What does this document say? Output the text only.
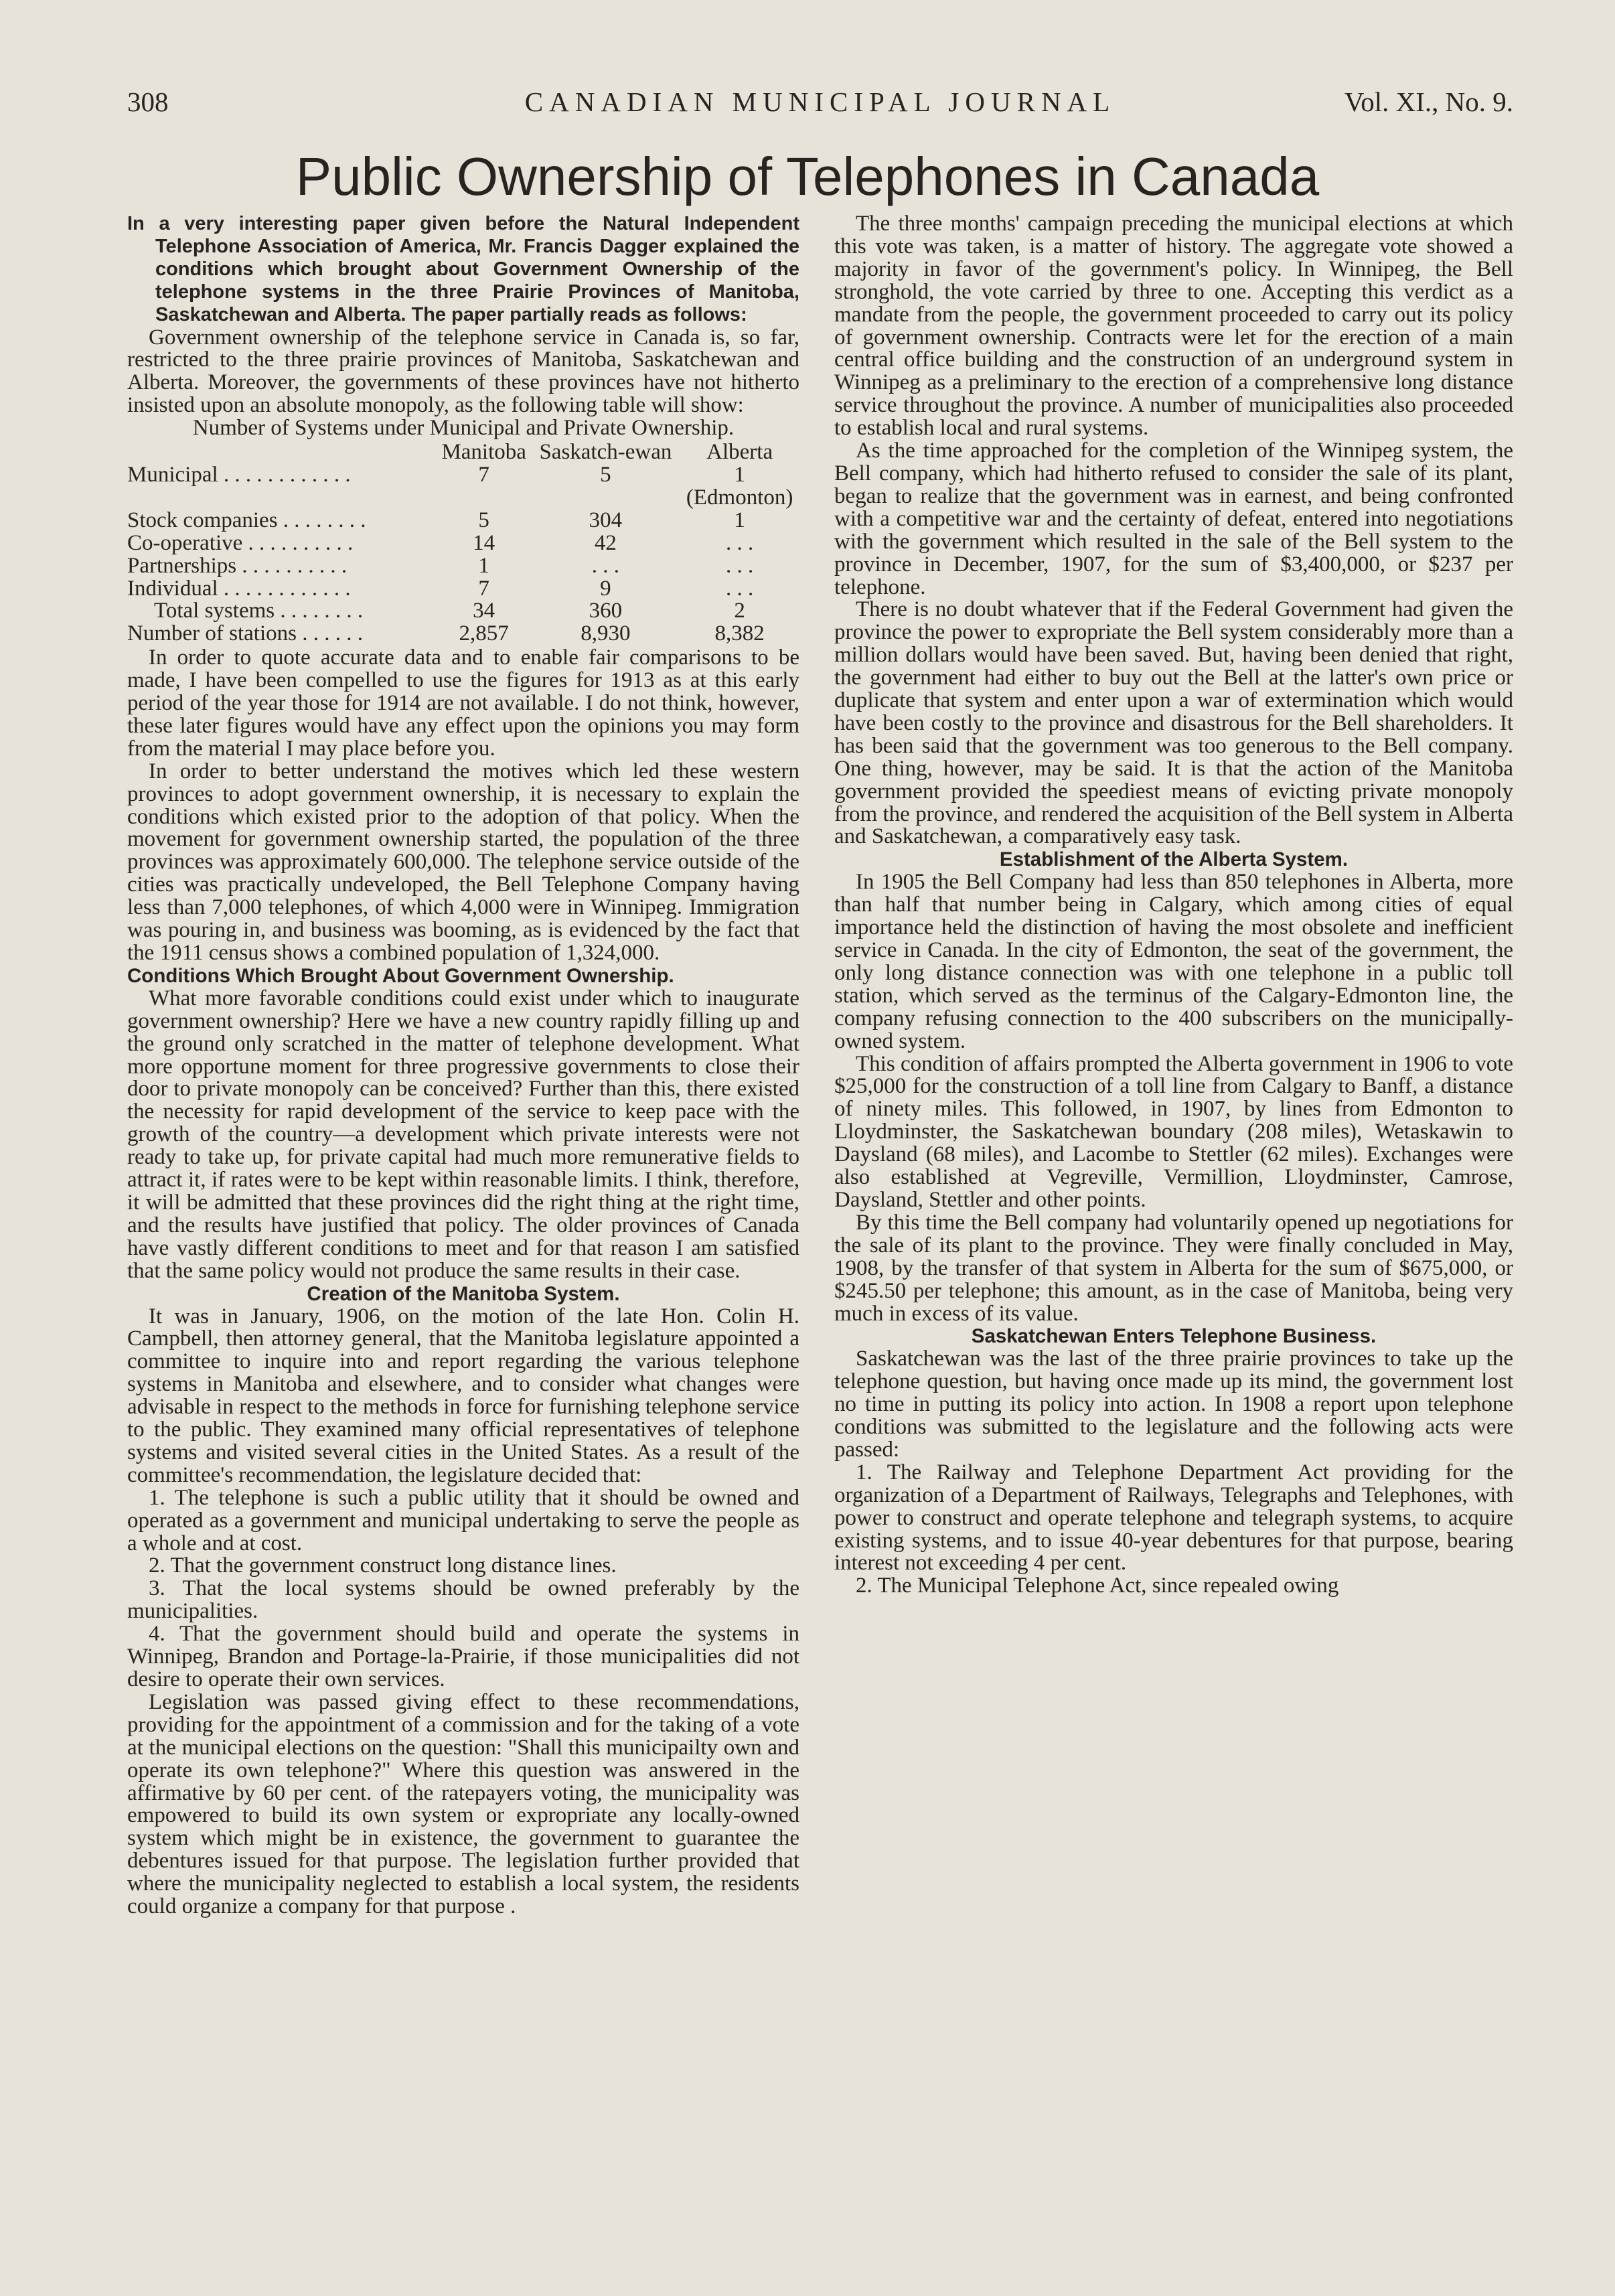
308	CANADIAN MUNICIPAL JOURNAL	Vol. XI., No. 9.
Public Ownership of Telephones in Canada

In a very interesting paper given before the Natural Independent Telephone Association of America, Mr. Francis Dagger explained the conditions which brought about Government Ownership of the telephone systems in the three Prairie Provinces of Manitoba, Saskatchewan and Alberta. The paper partially reads as follows:

Government ownership of the telephone service in Canada is, so far, restricted to the three prairie provinces of Manitoba, Saskatchewan and Alberta. Moreover, the governments of these provinces have not hitherto insisted upon an absolute monopoly, as the following table will show:

Number of Systems under Municipal and Private Ownership.

	Manitoba	Saskatch-ewan	Alberta
Municipal . . . . . . . . . . . .	7	5	1
			(Edmonton)
Stock companies . . . . . . . .	5	304	1
Co-operative . . . . . . . . . .	14	42	. . .
Partnerships . . . . . . . . . .	1	. . .	. . .
Individual . . . . . . . . . . . .	7	9	. . .
Total systems . . . . . . . .	34	360	2
Number of stations . . . . . .	2,857	8,930	8,382

In order to quote accurate data and to enable fair comparisons to be made, I have been compelled to use the figures for 1913 as at this early period of the year those for 1914 are not available. I do not think, however, these later figures would have any effect upon the opinions you may form from the material I may place before you.

In order to better understand the motives which led these western provinces to adopt government ownership, it is necessary to explain the conditions which existed prior to the adoption of that policy. When the movement for government ownership started, the population of the three provinces was approximately 600,000. The telephone service outside of the cities was practically undeveloped, the Bell Telephone Company having less than 7,000 telephones, of which 4,000 were in Winnipeg. Immigration was pouring in, and business was booming, as is evidenced by the fact that the 1911 census shows a combined population of 1,324,000.

Conditions Which Brought About Government Ownership.

What more favorable conditions could exist under which to inaugurate government ownership? Here we have a new country rapidly filling up and the ground only scratched in the matter of telephone development. What more opportune moment for three progressive governments to close their door to private monopoly can be conceived? Further than this, there existed the necessity for rapid development of the service to keep pace with the growth of the country—a development which private interests were not ready to take up, for private capital had much more remunerative fields to attract it, if rates were to be kept within reasonable limits. I think, therefore, it will be admitted that these provinces did the right thing at the right time, and the results have justified that policy. The older provinces of Canada have vastly different conditions to meet and for that reason I am satisfied that the same policy would not produce the same results in their case.

Creation of the Manitoba System.

It was in January, 1906, on the motion of the late Hon. Colin H. Campbell, then attorney general, that the Manitoba legislature appointed a committee to inquire into and report regarding the various telephone systems in Manitoba and elsewhere, and to consider what changes were advisable in respect to the methods in force for furnishing telephone service to the public. They examined many official representatives of telephone systems and visited several cities in the United States. As a result of the committee's recommendation, the legislature decided that:

1. The telephone is such a public utility that it should be owned and operated as a government and municipal undertaking to serve the people as a whole and at cost.

2. That the government construct long distance lines.

3. That the local systems should be owned preferably by the municipalities.

4. That the government should build and operate the systems in Winnipeg, Brandon and Portage-la-Prairie, if those municipalities did not desire to operate their own services.

Legislation was passed giving effect to these recommendations, providing for the appointment of a commission and for the taking of a vote at the municipal elections on the question: "Shall this municipailty own and operate its own telephone?" Where this question was answered in the affirmative by 60 per cent. of the ratepayers voting, the municipality was empowered to build its own system or expropriate any locally-owned system which might be in existence, the government to guarantee the debentures issued for that purpose. The legislation further provided that where the municipality neglected to establish a local system, the residents could organize a company for that purpose .

The three months' campaign preceding the municipal elections at which this vote was taken, is a matter of history. The aggregate vote showed a majority in favor of the government's policy. In Winnipeg, the Bell stronghold, the vote carried by three to one. Accepting this verdict as a mandate from the people, the government proceeded to carry out its policy of government ownership. Contracts were let for the erection of a main central office building and the construction of an underground system in Winnipeg as a preliminary to the erection of a comprehensive long distance service throughout the province. A number of municipalities also proceeded to establish local and rural systems.

As the time approached for the completion of the Winnipeg system, the Bell company, which had hitherto refused to consider the sale of its plant, began to realize that the government was in earnest, and being confronted with a competitive war and the certainty of defeat, entered into negotiations with the government which resulted in the sale of the Bell system to the province in December, 1907, for the sum of $3,400,000, or $237 per telephone.

There is no doubt whatever that if the Federal Government had given the province the power to expropriate the Bell system considerably more than a million dollars would have been saved. But, having been denied that right, the government had either to buy out the Bell at the latter's own price or duplicate that system and enter upon a war of extermination which would have been costly to the province and disastrous for the Bell shareholders. It has been said that the government was too generous to the Bell company. One thing, however, may be said. It is that the action of the Manitoba government provided the speediest means of evicting private monopoly from the province, and rendered the acquisition of the Bell system in Alberta and Saskatchewan, a comparatively easy task.

Establishment of the Alberta System.

In 1905 the Bell Company had less than 850 telephones in Alberta, more than half that number being in Calgary, which among cities of equal importance held the distinction of having the most obsolete and inefficient service in Canada. In the city of Edmonton, the seat of the government, the only long distance connection was with one telephone in a public toll station, which served as the terminus of the Calgary-Edmonton line, the company refusing connection to the 400 subscribers on the municipally-owned system.

This condition of affairs prompted the Alberta government in 1906 to vote $25,000 for the construction of a toll line from Calgary to Banff, a distance of ninety miles. This followed, in 1907, by lines from Edmonton to Lloydminster, the Saskatchewan boundary (208 miles), Wetaskawin to Daysland (68 miles), and Lacombe to Stettler (62 miles). Exchanges were also established at Vegreville, Vermillion, Lloydminster, Camrose, Daysland, Stettler and other points.

By this time the Bell company had voluntarily opened up negotiations for the sale of its plant to the province. They were finally concluded in May, 1908, by the transfer of that system in Alberta for the sum of $675,000, or $245.50 per telephone; this amount, as in the case of Manitoba, being very much in excess of its value.

Saskatchewan Enters Telephone Business.

Saskatchewan was the last of the three prairie provinces to take up the telephone question, but having once made up its mind, the government lost no time in putting its policy into action. In 1908 a report upon telephone conditions was submitted to the legislature and the following acts were passed:

1. The Railway and Telephone Department Act providing for the organization of a Department of Railways, Telegraphs and Telephones, with power to construct and operate telephone and telegraph systems, to acquire existing systems, and to issue 40-year debentures for that purpose, bearing interest not exceeding 4 per cent.

2. The Municipal Telephone Act, since repealed owing
